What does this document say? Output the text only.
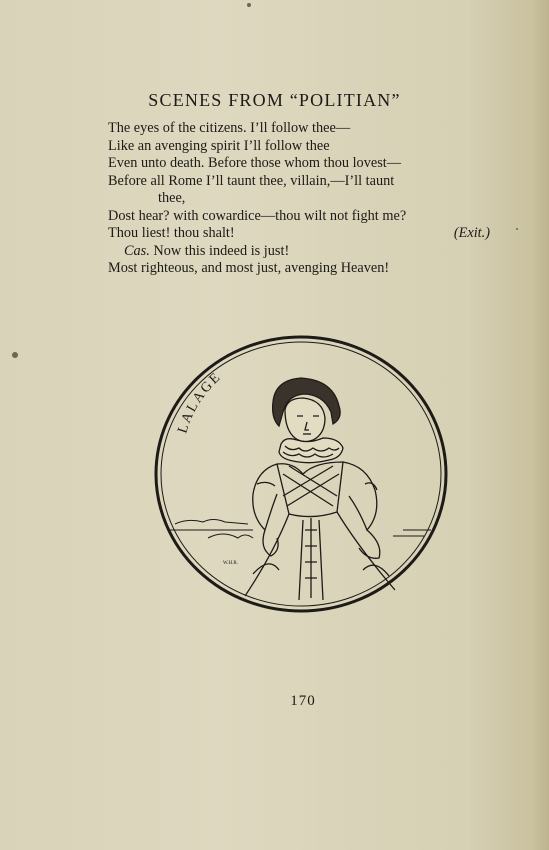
SCENES FROM “POLITIAN”
The eyes of the citizens. I’ll follow thee—
Like an avenging spirit I’ll follow thee
Even unto death. Before those whom thou lovest—
Before all Rome I’ll taunt thee, villain,—I’ll taunt
thee,
Dost hear? with cowardice—thou wilt not fight me?
Thou liest! thou shalt!	(Exit.)
Cas. Now this indeed is just!
Most righteous, and most just, avenging Heaven!
LALAGE
W.H.R.
170
